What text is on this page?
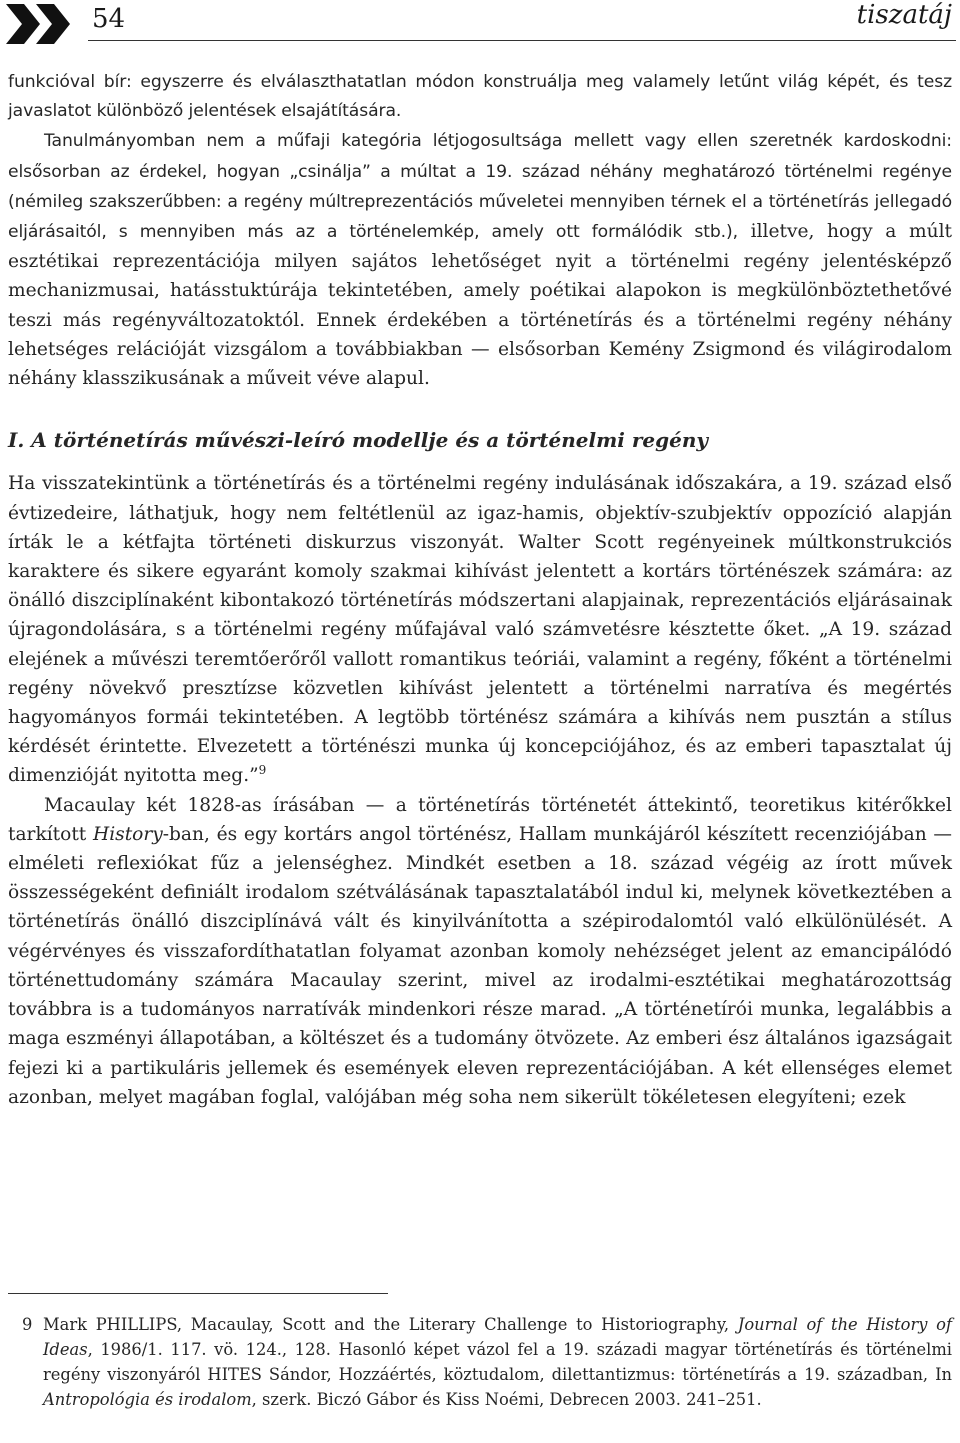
54	tiszatáj

funkcióval bír: egyszerre és elválaszthatatlan módon konstruálja meg valamely letűnt világ képét, és tesz javaslatot különböző jelentések elsajátítására.

Tanulmányomban nem a műfaji kategória létjogosultsága mellett vagy ellen szeretnék kardoskodni: elsősorban az érdekel, hogyan „csinálja” a múltat a 19. század néhány meghatározó történelmi regénye (némileg szakszerűbben: a regény múltreprezentációs műveletei mennyiben térnek el a történetírás jellegadó eljárásaitól, s mennyiben más az a történelemkép, amely ott formálódik stb.), illetve, hogy a múlt esztétikai reprezentációja milyen sajátos lehetőséget nyit a történelmi regény jelentésképző mechanizmusai, hatásstuktúrája tekintetében, amely poétikai alapokon is megkülönböztethetővé teszi más regényváltozatoktól. Ennek érdekében a történetírás és a történelmi regény néhány lehetséges relációját vizsgálom a továbbiakban — elsősorban Kemény Zsigmond és világirodalom néhány klasszikusának a műveit véve alapul.

I. A történetírás művészi-leíró modellje és a történelmi regény

Ha visszatekintünk a történetírás és a történelmi regény indulásának időszakára, a 19. század első évtizedeire, láthatjuk, hogy nem feltétlenül az igaz-hamis, objektív-szubjektív oppozíció alapján írták le a kétfajta történeti diskurzus viszonyát. Walter Scott regényeinek múltkonstrukciós karaktere és sikere egyaránt komoly szakmai kihívást jelentett a kortárs történészek számára: az önálló diszciplínaként kibontakozó történetírás módszertani alapjainak, reprezentációs eljárásainak újragondolására, s a történelmi regény műfajával való számvetésre késztette őket. „A 19. század elejének a művészi teremtőerőről vallott romantikus teóriái, valamint a regény, főként a történelmi regény növekvő presztízse közvetlen kihívást jelentett a történelmi narratíva és megértés hagyományos formái tekintetében. A legtöbb történész számára a kihívás nem pusztán a stílus kérdését érintette. Elvezetett a történészi munka új koncepciójához, és az emberi tapasztalat új dimenzióját nyitotta meg.”$^9$

Macaulay két 1828-as írásában — a történetírás történetét áttekintő, teoretikus kitérőkkel tarkított History-ban, és egy kortárs angol történész, Hallam munkájáról készített recenziójában — elméleti reflexiókat fűz a jelenséghez. Mindkét esetben a 18. század végéig az írott művek összességeként definiált irodalom szétválásának tapasztalatából indul ki, melynek következtében a történetírás önálló diszciplínává vált és kinyilvánította a szépirodalomtól való elkülönülését. A végérvényes és visszafordíthatatlan folyamat azonban komoly nehézséget jelent az emancipálódó történettudomány számára Macaulay szerint, mivel az irodalmi-esztétikai meghatározottság továbbra is a tudományos narratívák mindenkori része marad. „A történetírói munka, legalábbis a maga eszményi állapotában, a költészet és a tudomány ötvözete. Az emberi ész általános igazságait fejezi ki a partikuláris jellemek és események eleven reprezentációjában. A két ellenséges elemet azonban, melyet magában foglal, valójában még soha nem sikerült tökéletesen elegyíteni; ezek

9 Mark PHILLIPS, Macaulay, Scott and the Literary Challenge to Historiography, Journal of the History of Ideas, 1986/1. 117. vö. 124., 128. Hasonló képet vázol fel a 19. századi magyar történetírás és történelmi regény viszonyáról HITES Sándor, Hozzáértés, köztudalom, dilettantizmus: történetírás a 19. században, In Antropológia és irodalom, szerk. Biczó Gábor és Kiss Noémi, Debrecen 2003. 241–251.
